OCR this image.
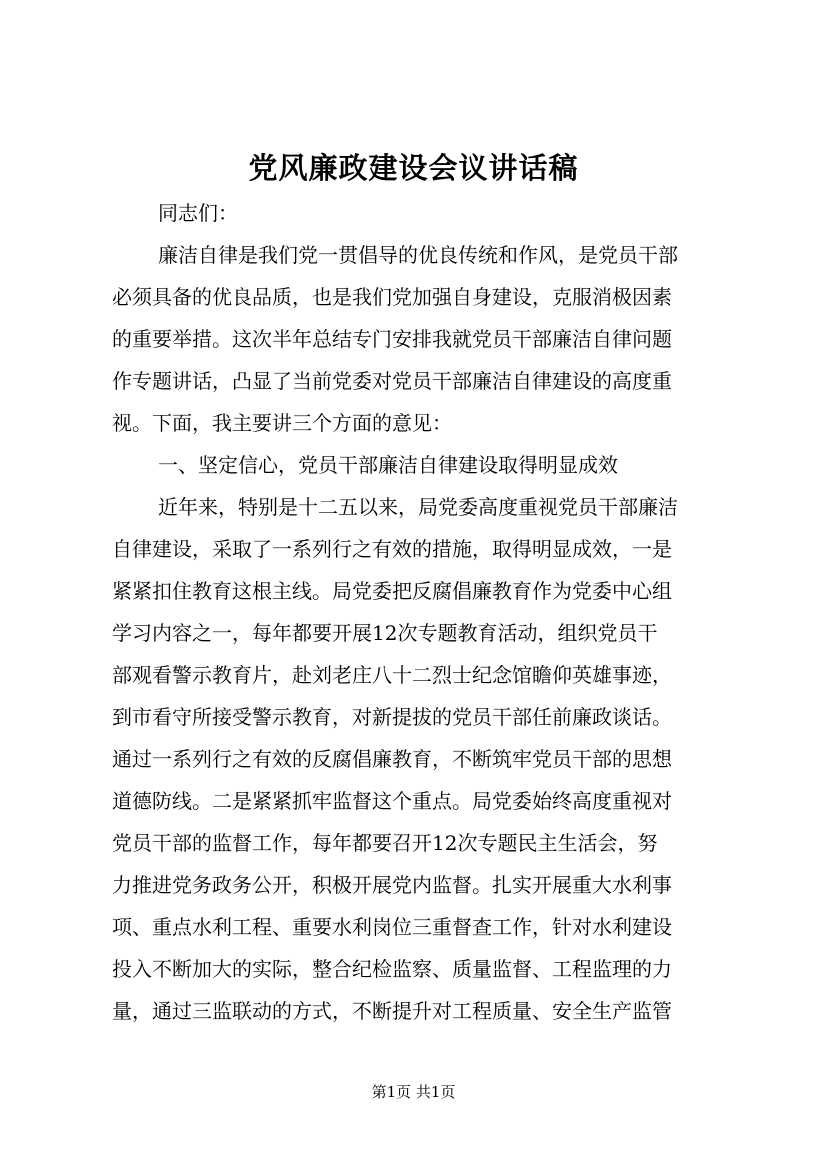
党风廉政建设会议讲话稿
同志们：
廉洁自律是我们党一贯倡导的优良传统和作风，是党员干部
必须具备的优良品质，也是我们党加强自身建设，克服消极因素
的重要举措。这次半年总结专门安排我就党员干部廉洁自律问题
作专题讲话，凸显了当前党委对党员干部廉洁自律建设的高度重
视。下面，我主要讲三个方面的意见：
一、坚定信心，党员干部廉洁自律建设取得明显成效
近年来，特别是十二五以来，局党委高度重视党员干部廉洁
自律建设，采取了一系列行之有效的措施，取得明显成效，一是
紧紧扣住教育这根主线。局党委把反腐倡廉教育作为党委中心组
学习内容之一，每年都要开展12次专题教育活动，组织党员干
部观看警示教育片，赴刘老庄八十二烈士纪念馆瞻仰英雄事迹，
到市看守所接受警示教育，对新提拔的党员干部任前廉政谈话。
通过一系列行之有效的反腐倡廉教育，不断筑牢党员干部的思想
道德防线。二是紧紧抓牢监督这个重点。局党委始终高度重视对
党员干部的监督工作，每年都要召开12次专题民主生活会，努
力推进党务政务公开，积极开展党内监督。扎实开展重大水利事
项、重点水利工程、重要水利岗位三重督查工作，针对水利建设
投入不断加大的实际，整合纪检监察、质量监督、工程监理的力
量，通过三监联动的方式，不断提升对工程质量、安全生产监管
第1页 共1页
